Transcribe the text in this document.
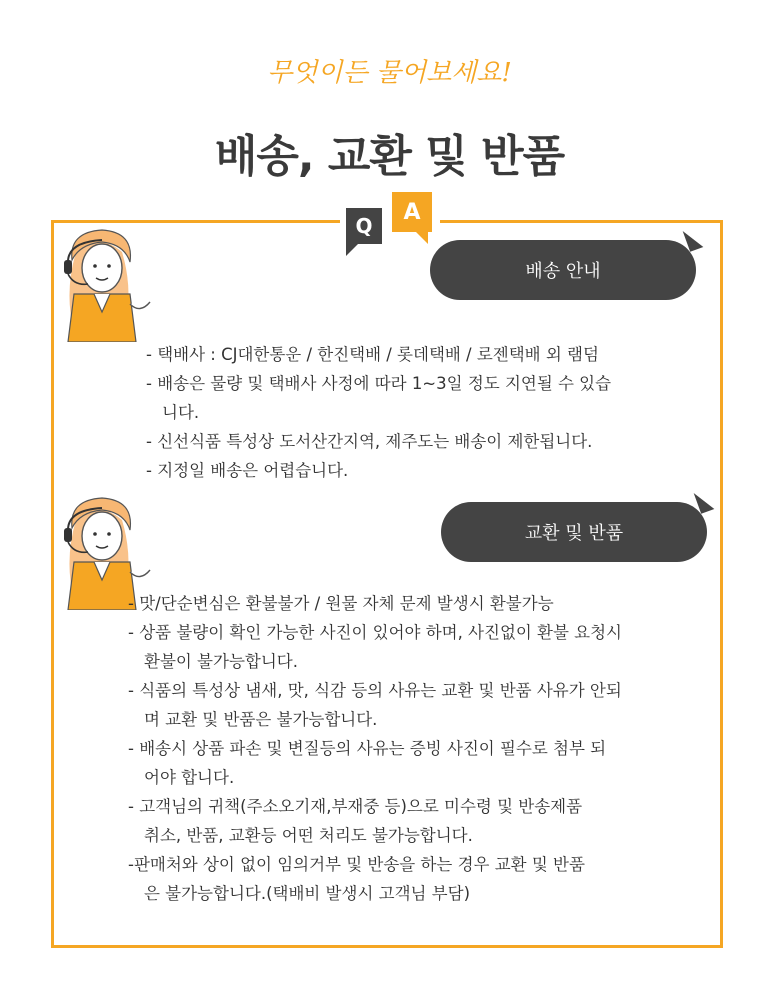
무엇이든 물어보세요!
배송, 교환 및 반품
Q
A
배송 안내
- 택배사 : CJ대한통운 / 한진택배 / 롯데택배 / 로젠택배 외 램덤
- 배송은 물량 및 택배사 사정에 따라 1~3일 정도 지연될 수 있습
니다.
- 신선식품 특성상 도서산간지역, 제주도는 배송이 제한됩니다.
- 지정일 배송은 어렵습니다.
교환 및 반품
- 맛/단순변심은 환불불가 / 원물 자체 문제 발생시 환불가능
- 상품 불량이 확인 가능한 사진이 있어야 하며, 사진없이 환불 요청시
환불이 불가능합니다.
- 식품의 특성상 냄새, 맛, 식감 등의 사유는 교환 및 반품 사유가 안되
며 교환 및 반품은 불가능합니다.
- 배송시 상품 파손 및 변질등의 사유는 증빙 사진이 필수로 첨부 되
어야 합니다.
- 고객님의 귀책(주소오기재,부재중 등)으로 미수령 및 반송제품
취소, 반품, 교환등 어떤 처리도 불가능합니다.
-판매처와 상이 없이 임의거부 및 반송을 하는 경우 교환 및 반품
은 불가능합니다.(택배비 발생시 고객님 부담)
